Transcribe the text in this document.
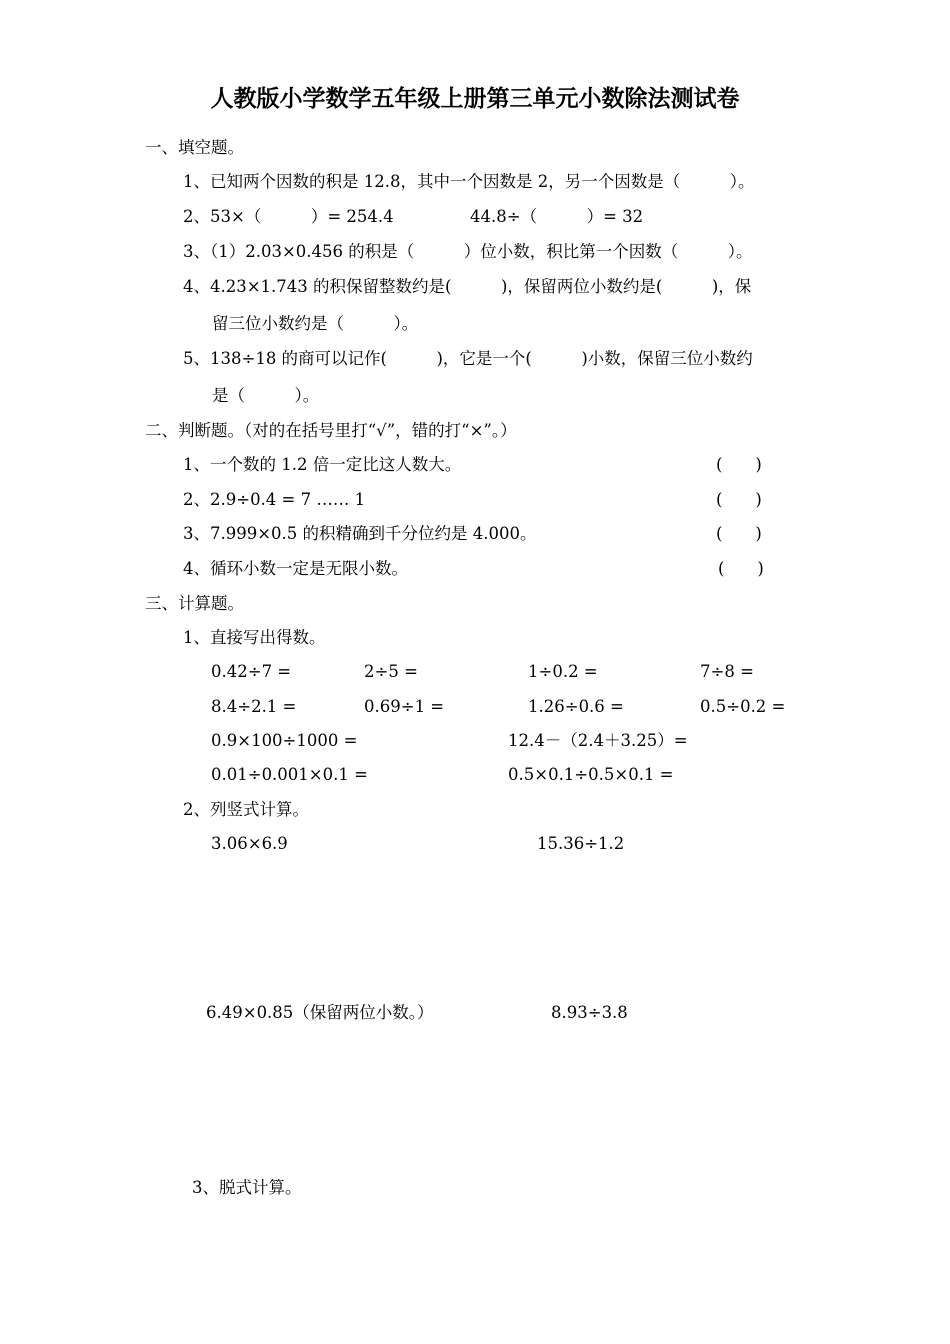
人教版小学数学五年级上册第三单元小数除法测试卷
一、填空题。
1、已知两个因数的积是 12.8，其中一个因数是 2，另一个因数是（　　　）。
2、53×（　　　）= 254.4	44.8÷（　　　）= 32
3、（1）2.03×0.456 的积是（　　　）位小数，积比第一个因数（　　　）。
4、4.23×1.743 的积保留整数约是(　　　)，保留两位小数约是(　　　)，保
留三位小数约是（　　　）。
5、138÷18 的商可以记作(　　　)，它是一个(　　　)小数，保留三位小数约
是（　　　）。
二、判断题。（对的在括号里打“√”，错的打“×”。）
1、一个数的 1.2 倍一定比这人数大。	(　　)
2、2.9÷0.4 = 7 …… 1	(　　)
3、7.999×0.5 的积精确到千分位约是 4.000。	(　　)
4、循环小数一定是无限小数。	(　　)
三、计算题。
1、直接写出得数。
0.42÷7 =	2÷5 =	1÷0.2 =	7÷8 =
8.4÷2.1 =	0.69÷1 =	1.26÷0.6 =	0.5÷0.2 =
0.9×100÷1000 =	12.4－（2.4＋3.25）=
0.01÷0.001×0.1 =	0.5×0.1÷0.5×0.1 =
2、列竖式计算。
3.06×6.9	15.36÷1.2
6.49×0.85（保留两位小数。）	8.93÷3.8
3、脱式计算。
